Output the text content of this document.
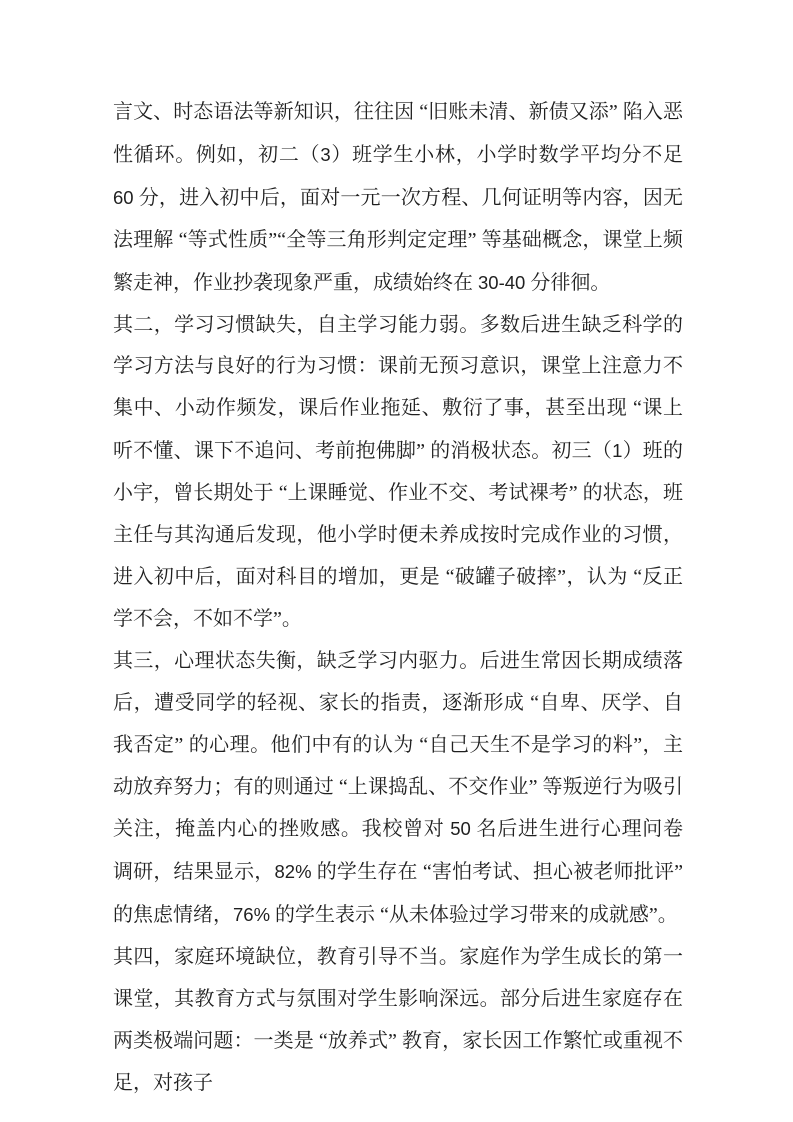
言文、时态语法等新知识，往往因 “旧账未清、新债又添” 陷入恶性循环。例如，初二（3）班学生小林，小学时数学平均分不足 60 分，进入初中后，面对一元一次方程、几何证明等内容，因无法理解 “等式性质”“全等三角形判定定理” 等基础概念，课堂上频繁走神，作业抄袭现象严重，成绩始终在 30-40 分徘徊。

其二，学习习惯缺失，自主学习能力弱。多数后进生缺乏科学的学习方法与良好的行为习惯：课前无预习意识，课堂上注意力不集中、小动作频发，课后作业拖延、敷衍了事，甚至出现 “课上听不懂、课下不追问、考前抱佛脚” 的消极状态。初三（1）班的小宇，曾长期处于 “上课睡觉、作业不交、考试裸考” 的状态，班主任与其沟通后发现，他小学时便未养成按时完成作业的习惯，进入初中后，面对科目的增加，更是 “破罐子破摔”，认为 “反正学不会，不如不学”。

其三，心理状态失衡，缺乏学习内驱力。后进生常因长期成绩落后，遭受同学的轻视、家长的指责，逐渐形成 “自卑、厌学、自我否定” 的心理。他们中有的认为 “自己天生不是学习的料”，主动放弃努力；有的则通过 “上课捣乱、不交作业” 等叛逆行为吸引关注，掩盖内心的挫败感。我校曾对 50 名后进生进行心理问卷调研，结果显示，82% 的学生存在 “害怕考试、担心被老师批评” 的焦虑情绪，76% 的学生表示 “从未体验过学习带来的成就感”。

其四，家庭环境缺位，教育引导不当。家庭作为学生成长的第一课堂，其教育方式与氛围对学生影响深远。部分后进生家庭存在两类极端问题：一类是 “放养式” 教育，家长因工作繁忙或重视不足，对孩子
